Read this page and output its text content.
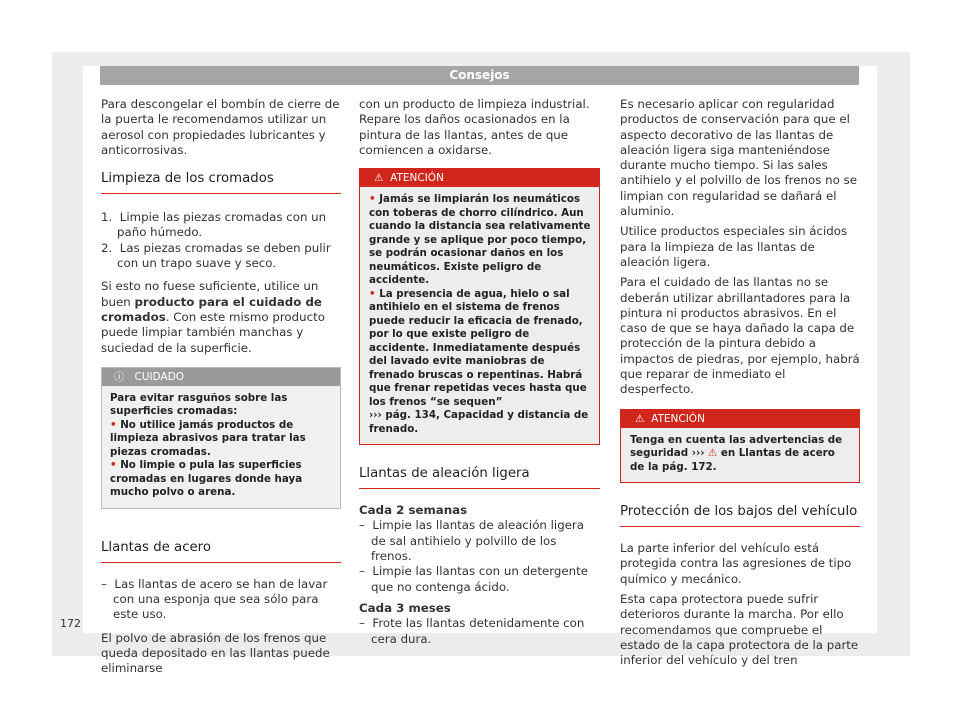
Consejos

Para descongelar el bombín de cierre de la puerta le recomendamos utilizar un aerosol con propiedades lubricantes y anticorrosivas.

Limpieza de los cromados
1.  Limpie las piezas cromadas con un paño húmedo.
2.  Las piezas cromadas se deben pulir con un trapo suave y seco.

Si esto no fuese suficiente, utilice un buen producto para el cuidado de cromados. Con este mismo producto puede limpiar también manchas y suciedad de la superficie.

ⓘ CUIDADO
Para evitar rasguños sobre las superficies cromadas:
• No utilice jamás productos de limpieza abrasivos para tratar las piezas cromadas.
• No limpie o pula las superficies cromadas en lugares donde haya mucho polvo o arena.
Llantas de acero
–  Las llantas de acero se han de lavar con una esponja que sea sólo para este uso.

El polvo de abrasión de los frenos que queda depositado en las llantas puede eliminarse

con un producto de limpieza industrial. Repare los daños ocasionados en la pintura de las llantas, antes de que comiencen a oxidarse.

⚠ ATENCIÓN
• Jamás se limpiarán los neumáticos con toberas de chorro cilíndrico. Aun cuando la distancia sea relativamente grande y se aplique por poco tiempo, se podrán ocasionar daños en los neumáticos. Existe peligro de accidente.
• La presencia de agua, hielo o sal antihielo en el sistema de frenos puede reducir la eficacia de frenado, por lo que existe peligro de accidente. Inmediatamente después del lavado evite maniobras de frenado bruscas o repentinas. Habrá que frenar repetidas veces hasta que los frenos “se sequen”
››› pág. 134, Capacidad y distancia de frenado.
Llantas de aleación ligera
Cada 2 semanas
–  Limpie las llantas de aleación ligera de sal antihielo y polvillo de los frenos.
–  Limpie las llantas con un detergente que no contenga ácido.
Cada 3 meses
–  Frote las llantas detenidamente con cera dura.

Es necesario aplicar con regularidad productos de conservación para que el aspecto decorativo de las llantas de aleación ligera siga manteniéndose durante mucho tiempo. Si las sales antihielo y el polvillo de los frenos no se limpian con regularidad se dañará el aluminio.

Utilice productos especiales sin ácidos para la limpieza de las llantas de aleación ligera.

Para el cuidado de las llantas no se deberán utilizar abrillantadores para la pintura ni productos abrasivos. En el caso de que se haya dañado la capa de protección de la pintura debido a impactos de piedras, por ejemplo, habrá que reparar de inmediato el desperfecto.

⚠ ATENCIÓN
Tenga en cuenta las advertencias de seguridad ››› ⚠ en Llantas de acero de la pág. 172.
Protección de los bajos del vehículo

La parte inferior del vehículo está protegida contra las agresiones de tipo químico y mecánico.

Esta capa protectora puede sufrir deterioros durante la marcha. Por ello recomendamos que compruebe el estado de la capa protectora de la parte inferior del vehículo y del tren

172
